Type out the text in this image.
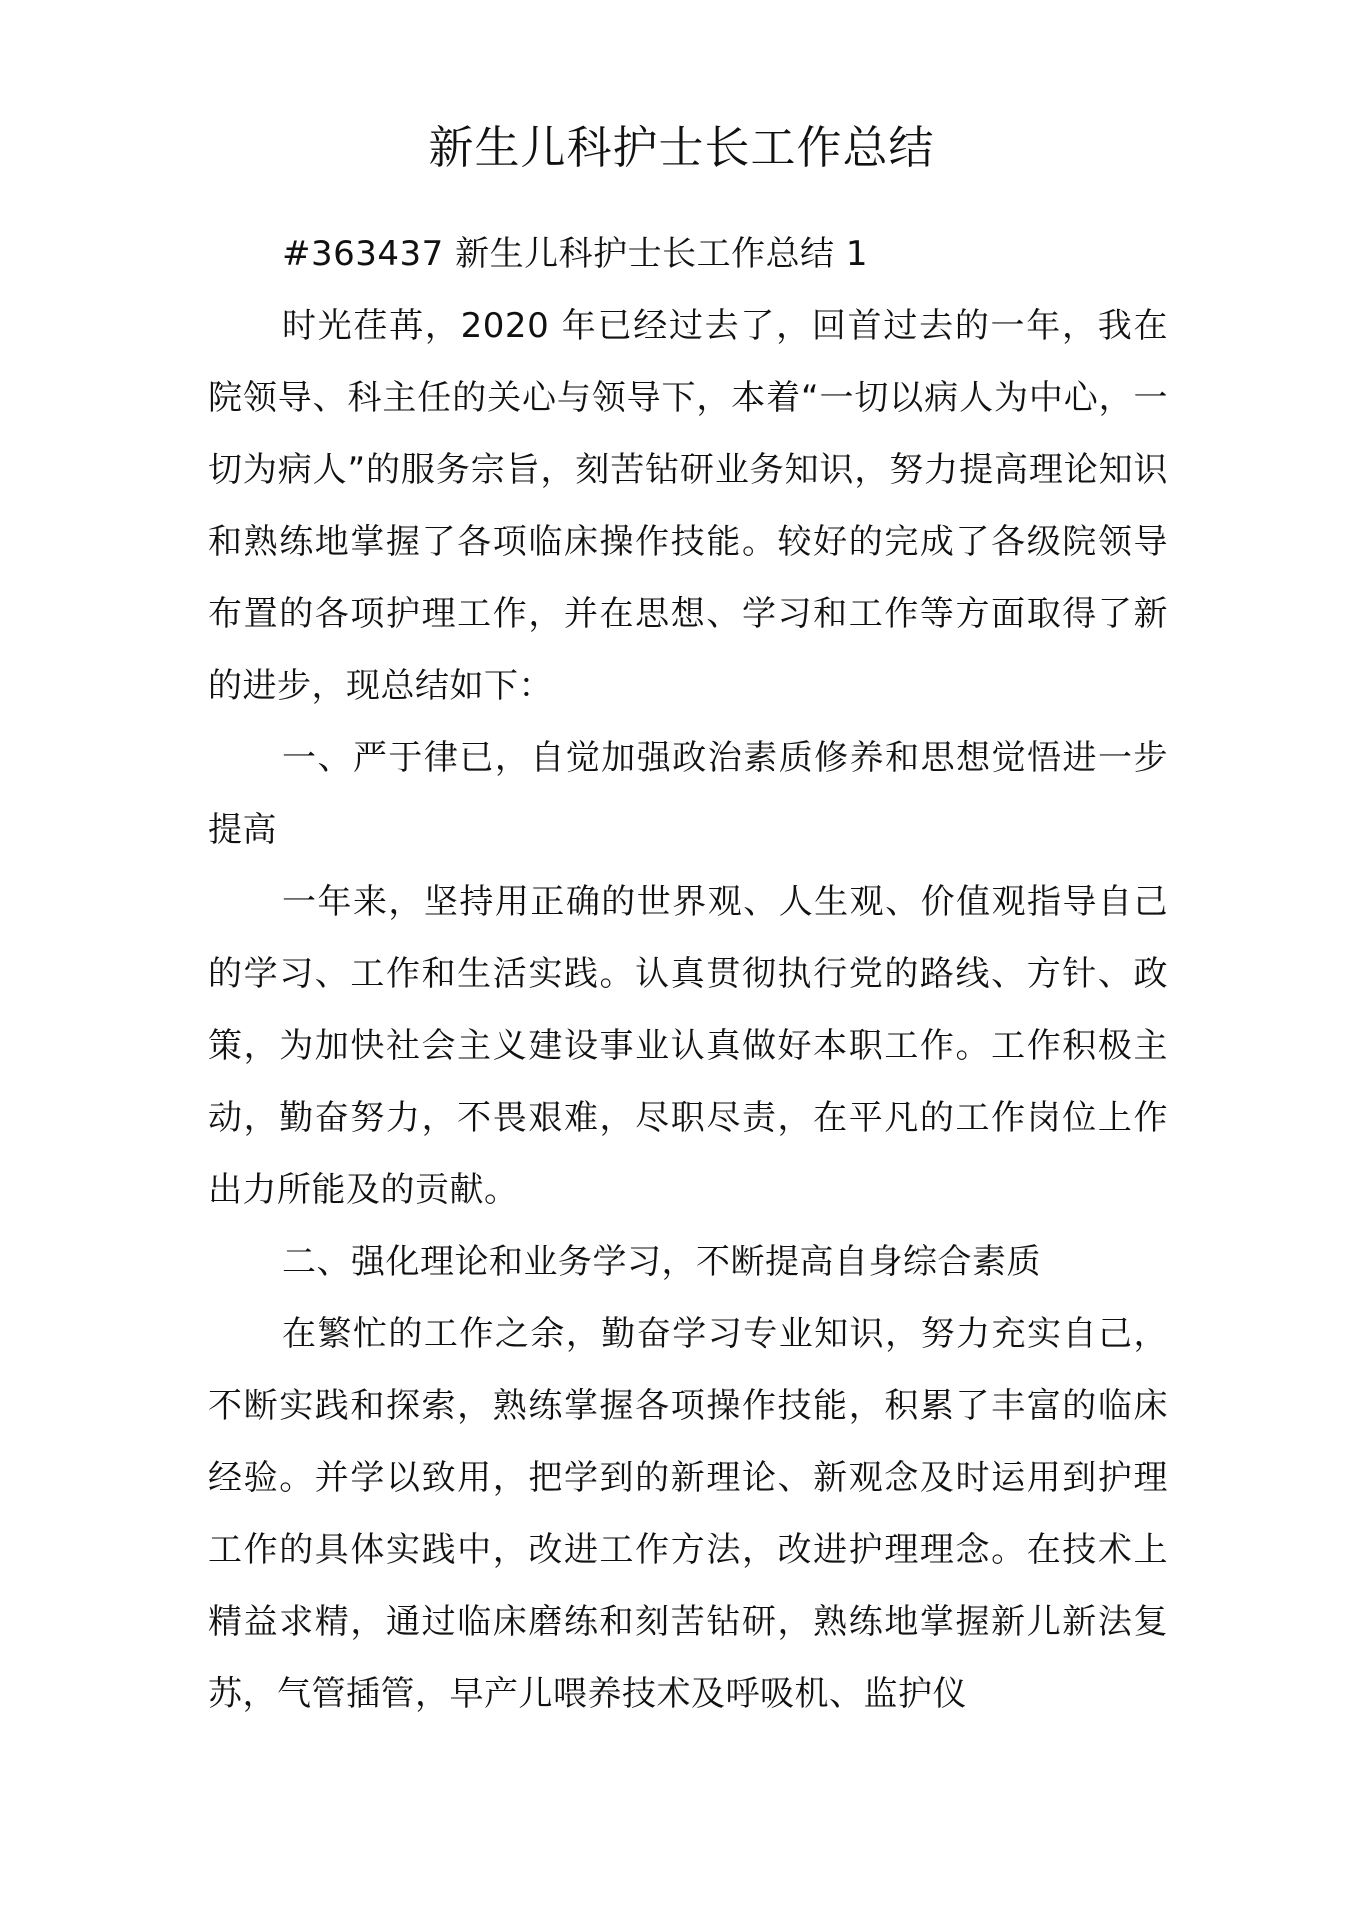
新生儿科护士长工作总结

#363437 新生儿科护士长工作总结 1

时光荏苒，2020 年已经过去了，回首过去的一年，我在院领导、科主任的关心与领导下，本着“一切以病人为中心，一切为病人”的服务宗旨，刻苦钻研业务知识，努力提高理论知识和熟练地掌握了各项临床操作技能。较好的完成了各级院领导布置的各项护理工作，并在思想、学习和工作等方面取得了新的进步，现总结如下：

一、严于律已，自觉加强政治素质修养和思想觉悟进一步提高

一年来，坚持用正确的世界观、人生观、价值观指导自己的学习、工作和生活实践。认真贯彻执行党的路线、方针、政策，为加快社会主义建设事业认真做好本职工作。工作积极主动，勤奋努力，不畏艰难，尽职尽责，在平凡的工作岗位上作出力所能及的贡献。

二、强化理论和业务学习，不断提高自身综合素质

在繁忙的工作之余，勤奋学习专业知识，努力充实自己，不断实践和探索，熟练掌握各项操作技能，积累了丰富的临床经验。并学以致用，把学到的新理论、新观念及时运用到护理工作的具体实践中，改进工作方法，改进护理理念。在技术上精益求精，通过临床磨练和刻苦钻研，熟练地掌握新儿新法复苏，气管插管，早产儿喂养技术及呼吸机、监护仪
